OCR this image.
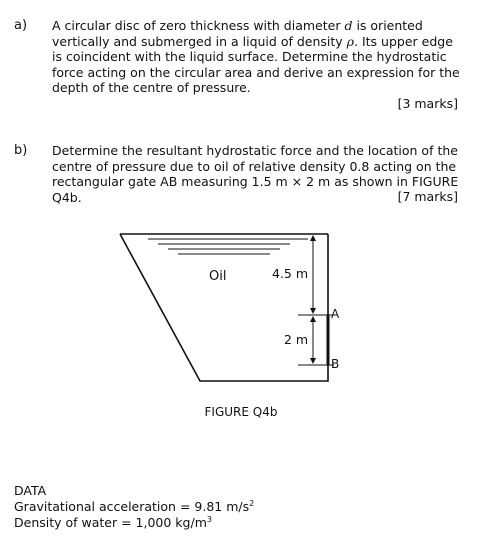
a) A circular disc of zero thickness with diameter d is oriented vertically and submerged in a liquid of density ρ. Its upper edge is coincident with the liquid surface. Determine the hydrostatic force acting on the circular area and derive an expression for the depth of the centre of pressure.
[3 marks]
b) Determine the resultant hydrostatic force and the location of the centre of pressure due to oil of relative density 0.8 acting on the rectangular gate AB measuring 1.5 m × 2 m as shown in FIGURE Q4b.	[7 marks]
Oil	4.5 m
2 m
A
B
FIGURE Q4b
DATA
Gravitational acceleration = 9.81 $m/s^2$
Density of water = 1,000 $kg/m^3$
